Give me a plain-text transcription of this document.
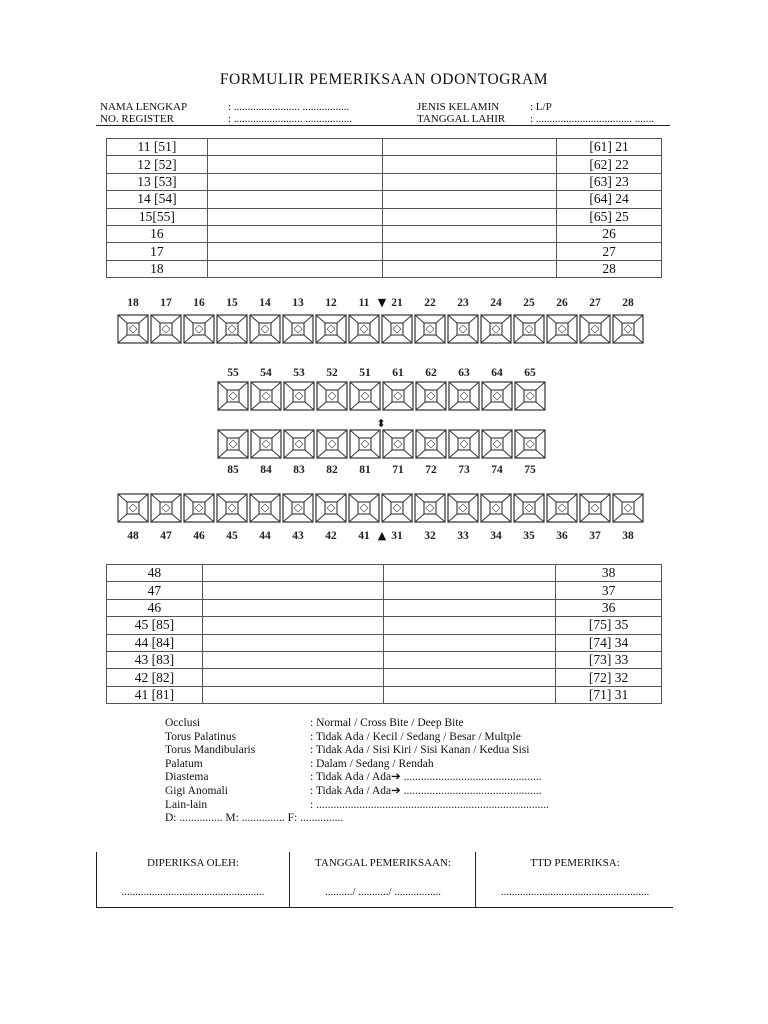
FORMULIR PEMERIKSAAN ODONTOGRAM
NAMA LENGKAP	: ........................ .................
NO. REGISTER	: ......................... .................
JENIS KELAMIN	: L/P
TANGGAL LAHIR : ................................... .......
11 [51]			[61] 21
12 [52]			[62] 22
13 [53]			[63] 23
14 [54]			[64] 24
15[55]			[65] 25
16			26
17			27
18			28
18 17 16 15 14 13 12 11 21 22 23 24 25 26 27 28
55 54 53 52 51 61 62 63 64 65
85 84 83 82 81 71 72 73 74 75
48 47 46 45 44 43 42 41 31 32 33 34 35 36 37 38
▼
▲
⬍
48			38
47			37
46			36
45 [85]			[75] 35
44 [84]			[74] 34
43 [83]			[73] 33
42 [82]			[72] 32
41 [81]			[71] 31
Occlusi	: Normal / Cross Bite / Deep Bite
Torus Palatinus	: Tidak Ada / Kecil / Sedang / Besar / Multple
Torus Mandibularis	: Tidak Ada / Sisi Kiri / Sisi Kanan / Kedua Sisi
Palatum	: Dalam / Sedang / Rendah
Diastema	: Tidak Ada / Ada➔ ................................................
Gigi Anomali	: Tidak Ada / Ada➔ ................................................
Lain-lain	: .................................................................................
D: ............... M: ............... F: ...............
DIPERIKSA OLEH:
....................................................
TANGGAL PEMERIKSAAN:
........../ .........../ .................
TTD PEMERIKSA:
......................................................
